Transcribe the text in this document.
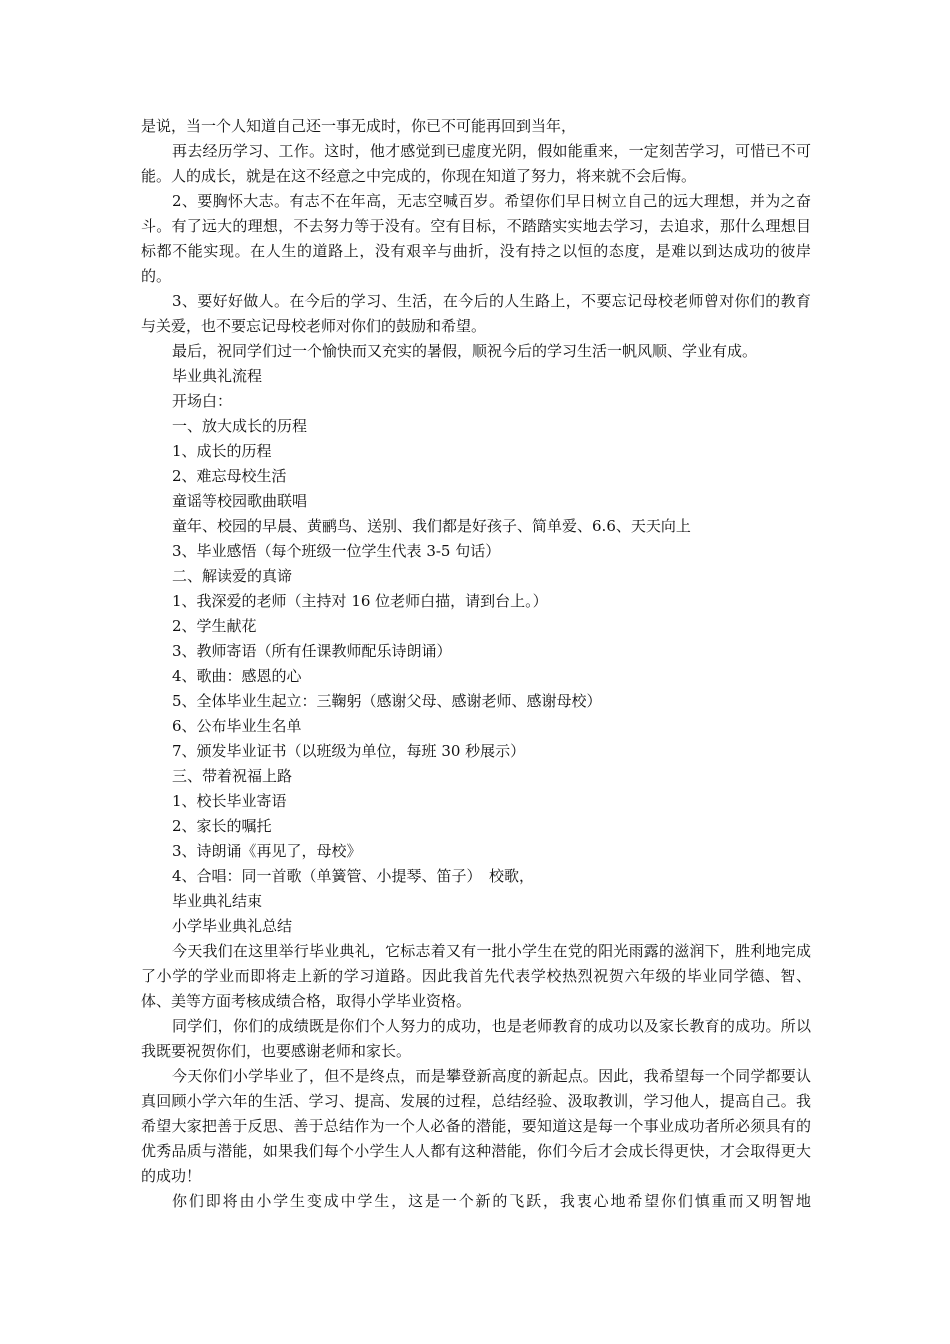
是说，当一个人知道自己还一事无成时，你已不可能再回到当年，

再去经历学习、工作。这时，他才感觉到已虚度光阴，假如能重来，一定刻苦学习，可惜已不可能。人的成长，就是在这不经意之中完成的，你现在知道了努力，将来就不会后悔。

2、要胸怀大志。有志不在年高，无志空喊百岁。希望你们早日树立自己的远大理想，并为之奋斗。有了远大的理想，不去努力等于没有。空有目标，不踏踏实实地去学习，去追求，那什么理想目标都不能实现。在人生的道路上，没有艰辛与曲折，没有持之以恒的态度，是难以到达成功的彼岸的。

3、要好好做人。在今后的学习、生活，在今后的人生路上，不要忘记母校老师曾对你们的教育与关爱，也不要忘记母校老师对你们的鼓励和希望。

最后，祝同学们过一个愉快而又充实的暑假，顺祝今后的学习生活一帆风顺、学业有成。

毕业典礼流程

开场白：

一、放大成长的历程

1、成长的历程

2、难忘母校生活

童谣等校园歌曲联唱

童年、校园的早晨、黄鹂鸟、送别、我们都是好孩子、简单爱、6.6、天天向上

3、毕业感悟（每个班级一位学生代表 3-5 句话）

二、解读爱的真谛

1、我深爱的老师（主持对 16 位老师白描，请到台上。）

2、学生献花

3、教师寄语（所有任课教师配乐诗朗诵）

4、歌曲：感恩的心

5、全体毕业生起立：三鞠躬（感谢父母、感谢老师、感谢母校）

6、公布毕业生名单

7、颁发毕业证书（以班级为单位，每班 30 秒展示）

三、带着祝福上路

1、校长毕业寄语

2、家长的嘱托

3、诗朗诵《再见了，母校》

4、合唱：同一首歌（单簧管、小提琴、笛子）　校歌，

毕业典礼结束

小学毕业典礼总结

今天我们在这里举行毕业典礼，它标志着又有一批小学生在党的阳光雨露的滋润下，胜利地完成了小学的学业而即将走上新的学习道路。因此我首先代表学校热烈祝贺六年级的毕业同学德、智、体、美等方面考核成绩合格，取得小学毕业资格。

同学们，你们的成绩既是你们个人努力的成功，也是老师教育的成功以及家长教育的成功。所以我既要祝贺你们，也要感谢老师和家长。

今天你们小学毕业了，但不是终点，而是攀登新高度的新起点。因此，我希望每一个同学都要认真回顾小学六年的生活、学习、提高、发展的过程，总结经验、汲取教训，学习他人，提高自己。我希望大家把善于反思、善于总结作为一个人必备的潜能，要知道这是每一个事业成功者所必须具有的优秀品质与潜能，如果我们每个小学生人人都有这种潜能，你们今后才会成长得更快，才会取得更大的成功！

你们即将由小学生变成中学生，这是一个新的飞跃，我衷心地希望你们慎重而又明智地
